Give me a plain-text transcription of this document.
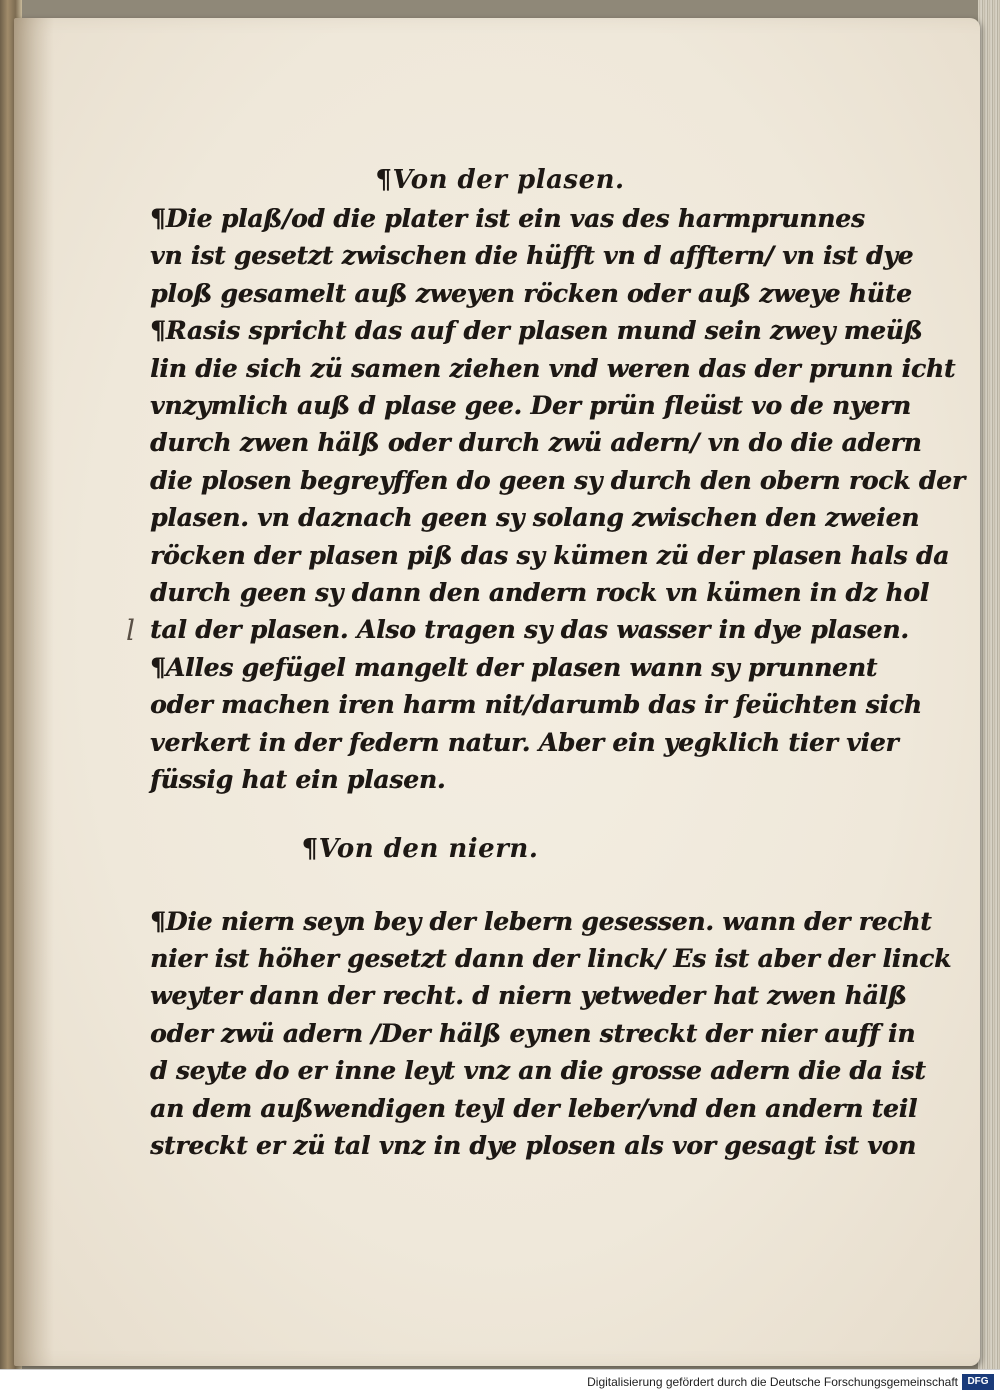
l

¶Von der plasen.

¶Die plaß/od die plater ist ein vas des harmprunnes
vn ist gesetzt zwischen die hüfft vn d afftern/ vn ist dye
ploß gesamelt auß zweyen röcken oder auß zweye hüte
¶Rasis spricht das auf der plasen mund sein zwey meüß
lin die sich zü samen ziehen vnd weren das der prunn icht
vnzymlich auß d plase gee. Der prün fleüst vo de nyern
durch zwen hälß oder durch zwü adern/ vn do die adern
die plosen begreyffen do geen sy durch den obern rock der
plasen. vn daznach geen sy solang zwischen den zweien
röcken der plasen piß das sy kümen zü der plasen hals da
durch geen sy dann den andern rock vn kümen in dz hol
tal der plasen. Also tragen sy das wasser in dye plasen.
¶Alles gefügel mangelt der plasen wann sy prunnent
oder machen iren harm nit/darumb das ir feüchten sich
verkert in der federn natur. Aber ein yegklich tier vier
füssig hat ein plasen.

¶Von den niern.

¶Die niern seyn bey der lebern gesessen. wann der recht
nier ist höher gesetzt dann der linck/ Es ist aber der linck
weyter dann der recht. d niern yetweder hat zwen hälß
oder zwü adern /Der hälß eynen streckt der nier auff in
d seyte do er inne leyt vnz an die grosse adern die da ist
an dem außwendigen teyl der leber/vnd den andern teil
streckt er zü tal vnz in dye plosen als vor gesagt ist von
Digitalisierung gefördert durch die Deutsche Forschungsgemeinschaft DFG
